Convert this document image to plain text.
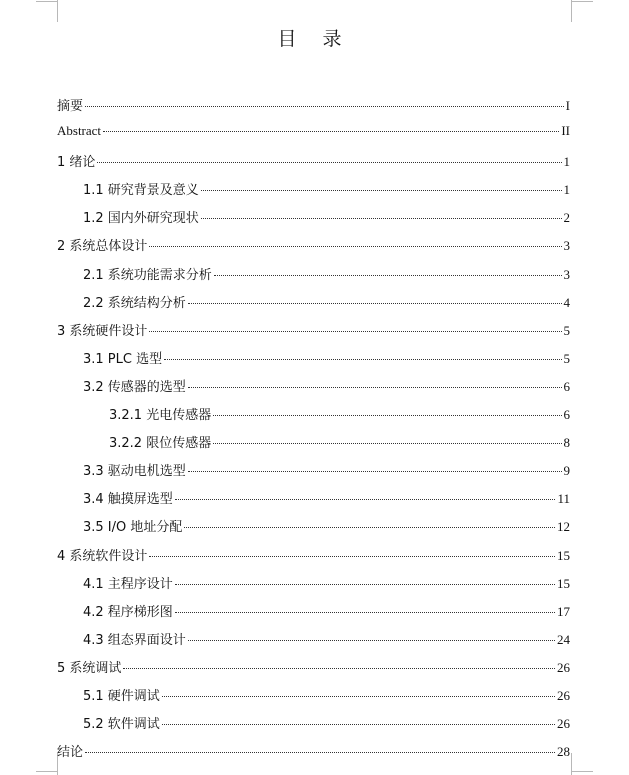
目 录
摘要	I
Abstract	II
1 绪论	1
1.1 研究背景及意义	1
1.2 国内外研究现状	2
2 系统总体设计	3
2.1 系统功能需求分析	3
2.2 系统结构分析	4
3 系统硬件设计	5
3.1 PLC 选型	5
3.2 传感器的选型	6
3.2.1 光电传感器	6
3.2.2 限位传感器	8
3.3 驱动电机选型	9
3.4 触摸屏选型	11
3.5 I/O 地址分配	12
4 系统软件设计	15
4.1 主程序设计	15
4.2 程序梯形图	17
4.3 组态界面设计	24
5 系统调试	26
5.1 硬件调试	26
5.2 软件调试	26
结论	28
